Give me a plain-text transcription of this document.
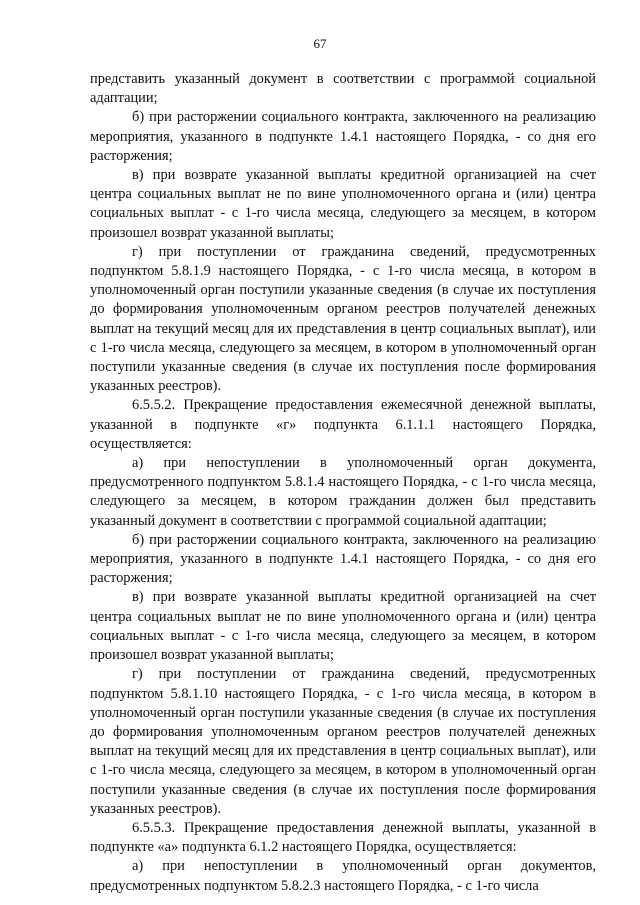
67

представить указанный документ в соответствии с программой социальной адаптации;

б) при расторжении социального контракта, заключенного на реализацию мероприятия, указанного в подпункте 1.4.1 настоящего Порядка, - со дня его расторжения;

в) при возврате указанной выплаты кредитной организацией на счет центра социальных выплат не по вине уполномоченного органа и (или) центра социальных выплат - с 1-го числа месяца, следующего за месяцем, в котором произошел возврат указанной выплаты;

г) при поступлении от гражданина сведений, предусмотренных подпунктом 5.8.1.9 настоящего Порядка, - с 1-го числа месяца, в котором в уполномоченный орган поступили указанные сведения (в случае их поступления до формирования уполномоченным органом реестров получателей денежных выплат на текущий месяц для их представления в центр социальных выплат), или с 1-го числа месяца, следующего за месяцем, в котором в уполномоченный орган поступили указанные сведения (в случае их поступления после формирования указанных реестров).

6.5.5.2. Прекращение предоставления ежемесячной денежной выплаты, указанной в подпункте «г» подпункта 6.1.1.1 настоящего Порядка, осуществляется:

а) при непоступлении в уполномоченный орган документа, предусмотренного подпунктом 5.8.1.4 настоящего Порядка, - с 1-го числа месяца, следующего за месяцем, в котором гражданин должен был представить указанный документ в соответствии с программой социальной адаптации;

б) при расторжении социального контракта, заключенного на реализацию мероприятия, указанного в подпункте 1.4.1 настоящего Порядка, - со дня его расторжения;

в) при возврате указанной выплаты кредитной организацией на счет центра социальных выплат не по вине уполномоченного органа и (или) центра социальных выплат - с 1-го числа месяца, следующего за месяцем, в котором произошел возврат указанной выплаты;

г) при поступлении от гражданина сведений, предусмотренных подпунктом 5.8.1.10 настоящего Порядка, - с 1-го числа месяца, в котором в уполномоченный орган поступили указанные сведения (в случае их поступления до формирования уполномоченным органом реестров получателей денежных выплат на текущий месяц для их представления в центр социальных выплат), или с 1-го числа месяца, следующего за месяцем, в котором в уполномоченный орган поступили указанные сведения (в случае их поступления после формирования указанных реестров).

6.5.5.3. Прекращение предоставления денежной выплаты, указанной в подпункте «а» подпункта 6.1.2 настоящего Порядка, осуществляется:

а) при непоступлении в уполномоченный орган документов, предусмотренных подпунктом 5.8.2.3 настоящего Порядка, - с 1-го числа
